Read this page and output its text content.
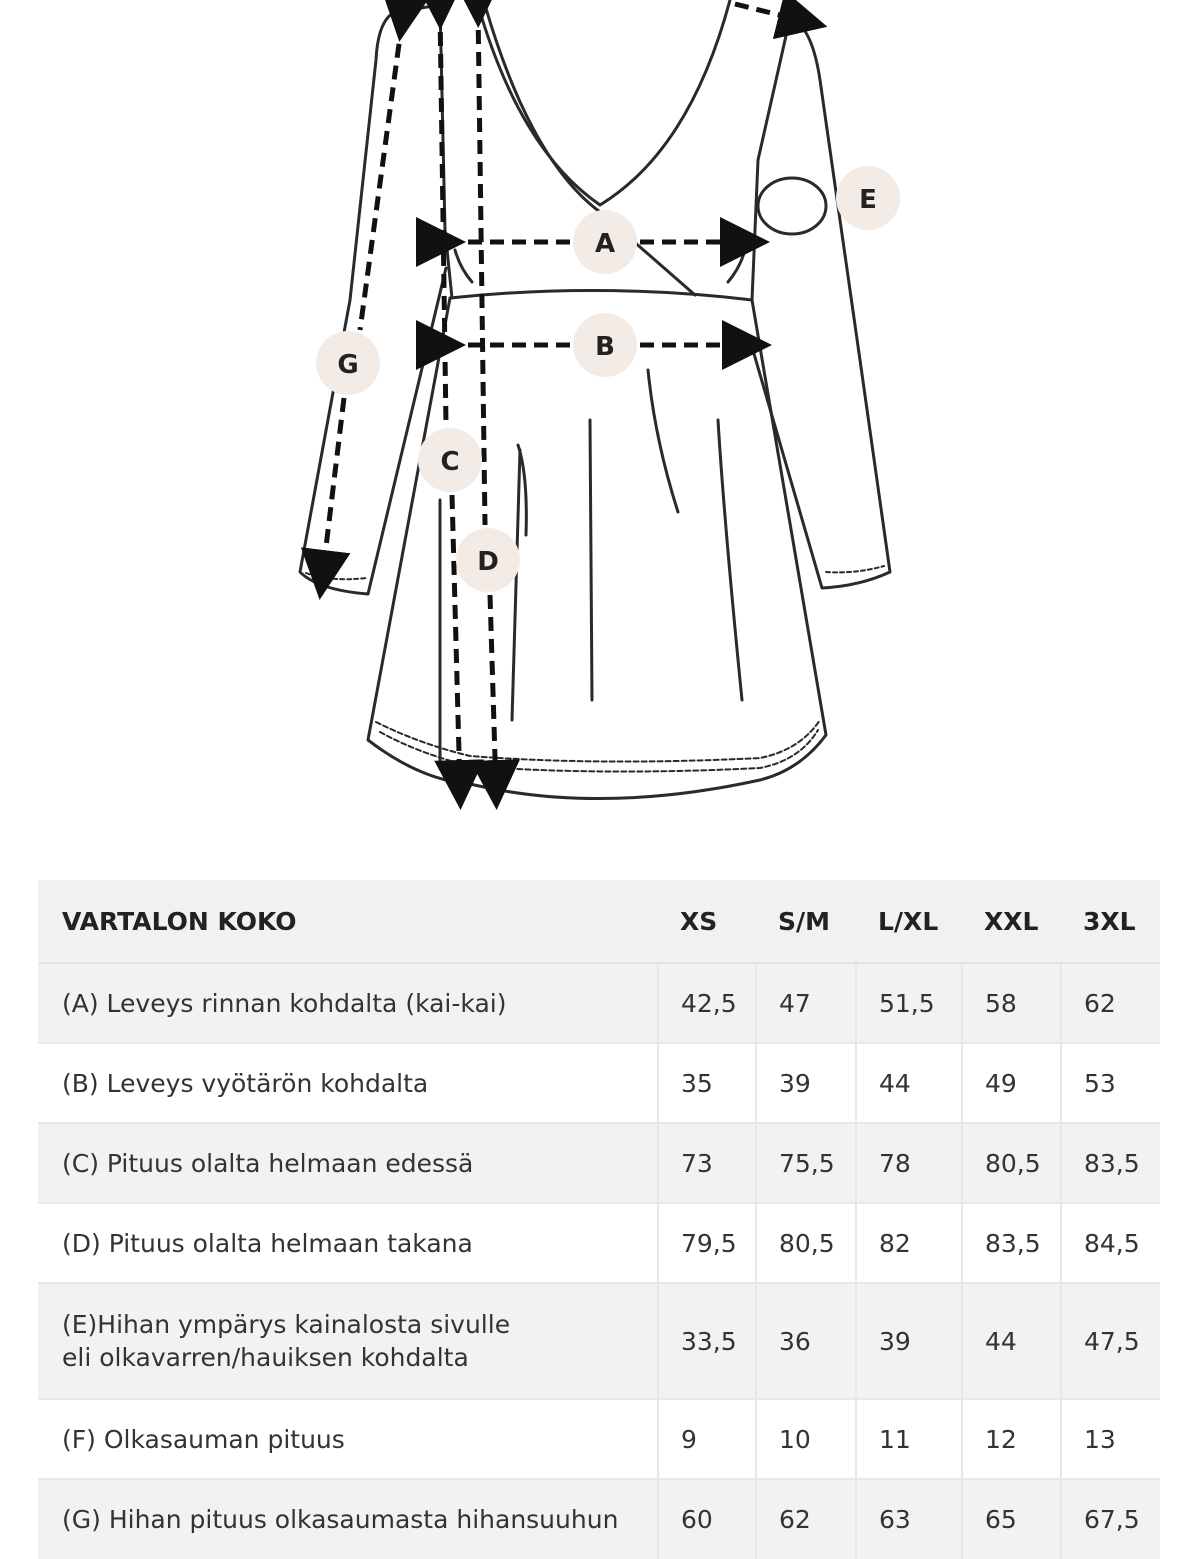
A
B
C
D
E
G
VARTALON KOKO	XS	S/M	L/XL	XXL	3XL
(A) Leveys rinnan kohdalta (kai-kai)	42,5	47	51,5	58	62
(B) Leveys vyötärön kohdalta	35	39	44	49	53
(C) Pituus olalta helmaan edessä	73	75,5	78	80,5	83,5
(D) Pituus olalta helmaan takana	79,5	80,5	82	83,5	84,5
(E)Hihan ympärys kainalosta sivulle eli olkavarren/hauiksen kohdalta	33,5	36	39	44	47,5
(F) Olkasauman pituus	9	10	11	12	13
(G) Hihan pituus olkasaumasta hihansuuhun	60	62	63	65	67,5
